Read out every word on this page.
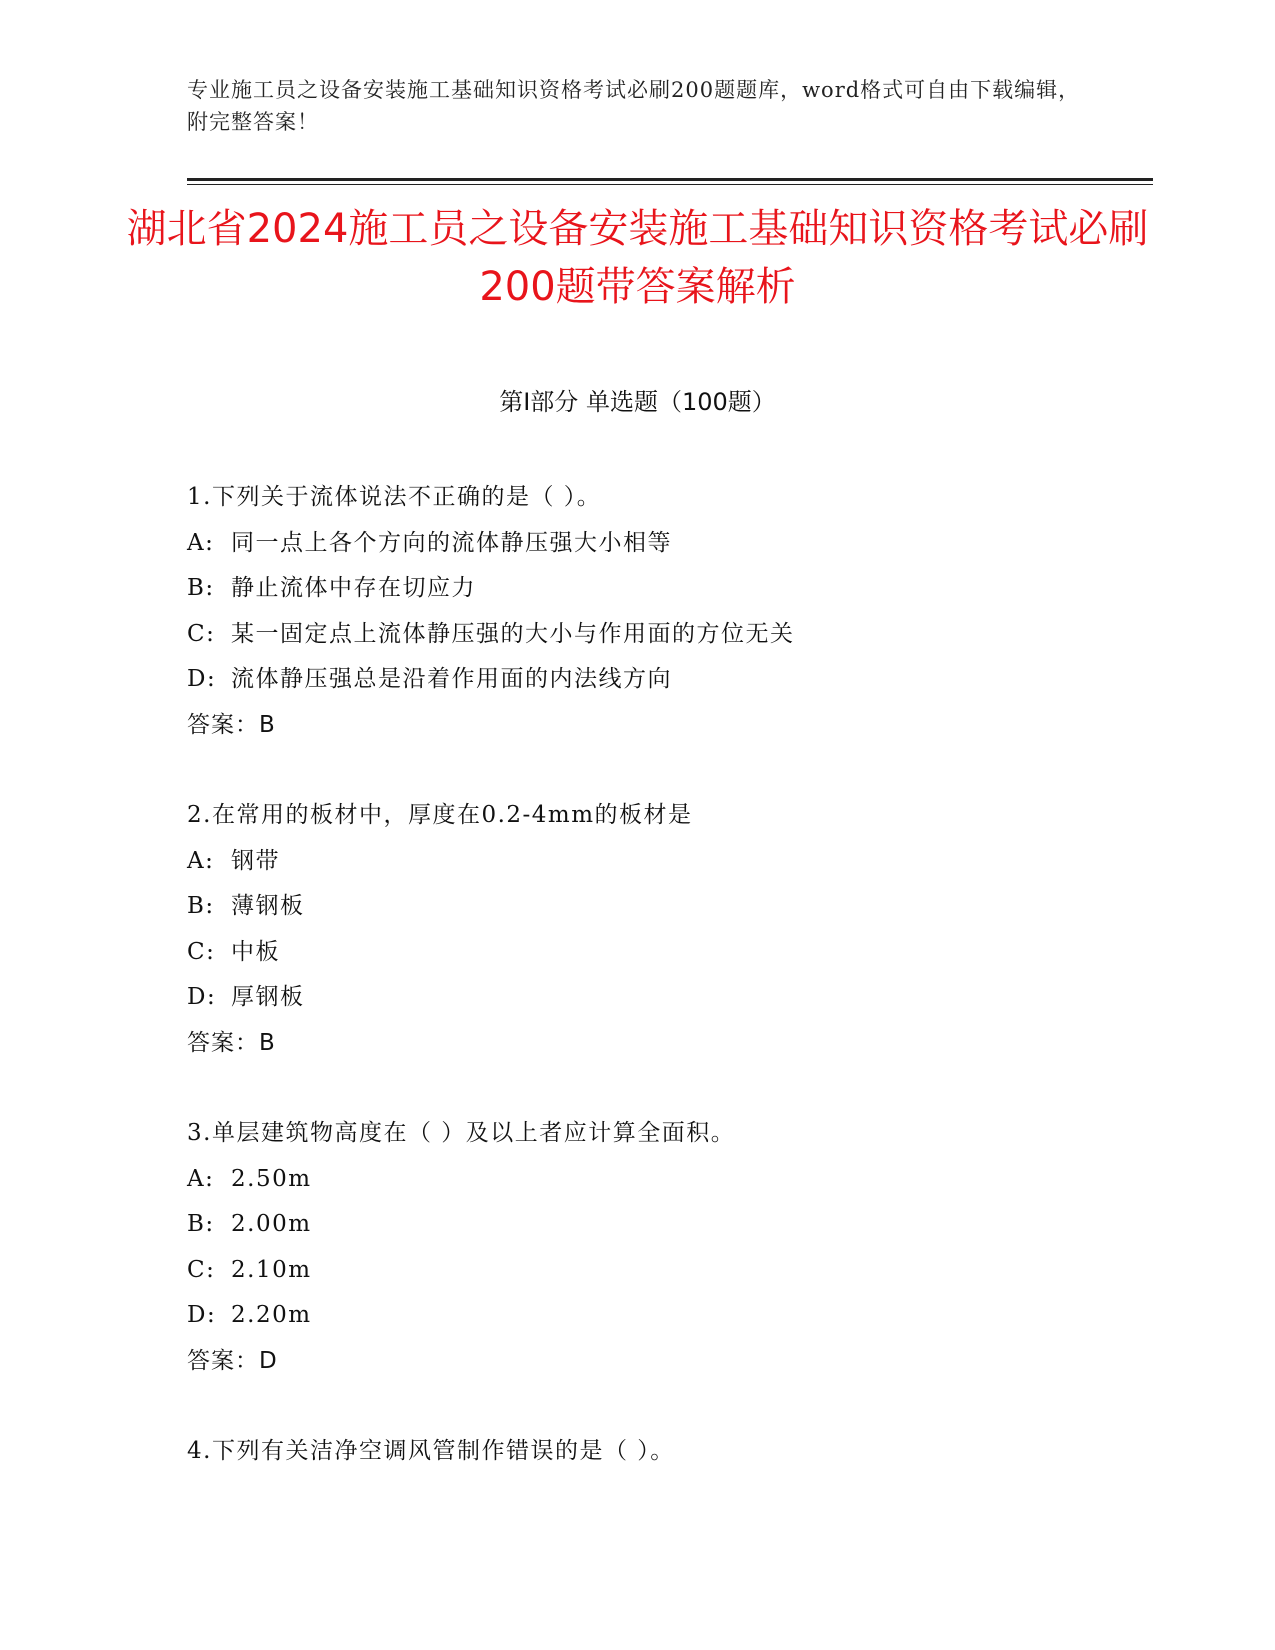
专业施工员之设备安装施工基础知识资格考试必刷200题题库，word格式可自由下载编辑，附完整答案！
湖北省2024施工员之设备安装施工基础知识资格考试必刷200题带答案解析
第Ⅰ部分 单选题（100题）
1.下列关于流体说法不正确的是（ ）。
A: 同一点上各个方向的流体静压强大小相等
B: 静止流体中存在切应力
C: 某一固定点上流体静压强的大小与作用面的方位无关
D: 流体静压强总是沿着作用面的内法线方向
答案：B
2.在常用的板材中，厚度在0.2-4mm的板材是
A: 钢带
B: 薄钢板
C: 中板
D: 厚钢板
答案：B
3.单层建筑物高度在（ ）及以上者应计算全面积。
A: 2.50m
B: 2.00m
C: 2.10m
D: 2.20m
答案：D
4.下列有关洁净空调风管制作错误的是（ ）。
